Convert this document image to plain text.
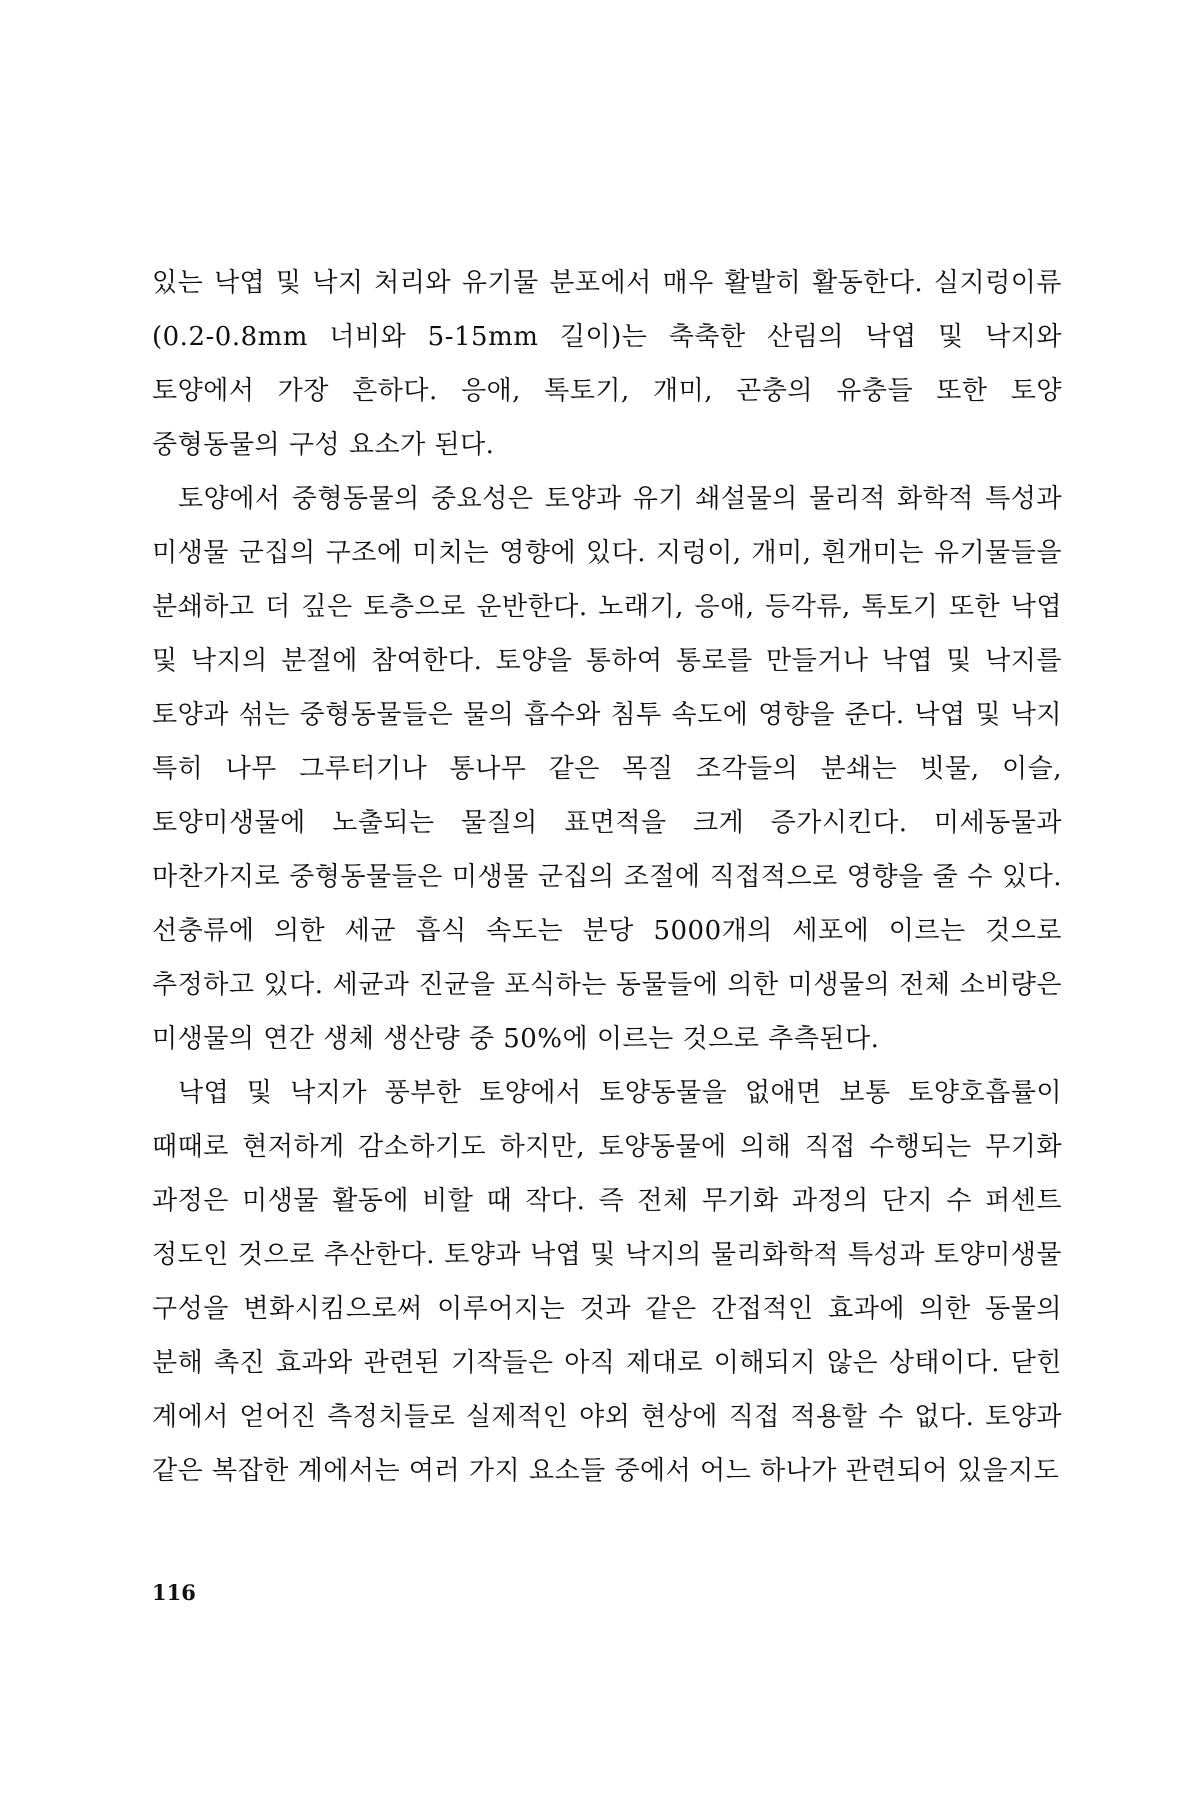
있는 낙엽 및 낙지 처리와 유기물 분포에서 매우 활발히 활동한다. 실지렁이류(0.2-0.8mm 너비와 5-15mm 길이)는 축축한 산림의 낙엽 및 낙지와 토양에서 가장 흔하다. 응애, 톡토기, 개미, 곤충의 유충들 또한 토양 중형동물의 구성 요소가 된다.

토양에서 중형동물의 중요성은 토양과 유기 쇄설물의 물리적 화학적 특성과 미생물 군집의 구조에 미치는 영향에 있다. 지렁이, 개미, 흰개미는 유기물들을 분쇄하고 더 깊은 토층으로 운반한다. 노래기, 응애, 등각류, 톡토기 또한 낙엽 및 낙지의 분절에 참여한다. 토양을 통하여 통로를 만들거나 낙엽 및 낙지를 토양과 섞는 중형동물들은 물의 흡수와 침투 속도에 영향을 준다. 낙엽 및 낙지 특히 나무 그루터기나 통나무 같은 목질 조각들의 분쇄는 빗물, 이슬, 토양미생물에 노출되는 물질의 표면적을 크게 증가시킨다. 미세동물과 마찬가지로 중형동물들은 미생물 군집의 조절에 직접적으로 영향을 줄 수 있다. 선충류에 의한 세균 흡식 속도는 분당 5000개의 세포에 이르는 것으로 추정하고 있다. 세균과 진균을 포식하는 동물들에 의한 미생물의 전체 소비량은 미생물의 연간 생체 생산량 중 50%에 이르는 것으로 추측된다.

낙엽 및 낙지가 풍부한 토양에서 토양동물을 없애면 보통 토양호흡률이 때때로 현저하게 감소하기도 하지만, 토양동물에 의해 직접 수행되는 무기화 과정은 미생물 활동에 비할 때 작다. 즉 전체 무기화 과정의 단지 수 퍼센트 정도인 것으로 추산한다. 토양과 낙엽 및 낙지의 물리화학적 특성과 토양미생물 구성을 변화시킴으로써 이루어지는 것과 같은 간접적인 효과에 의한 동물의 분해 촉진 효과와 관련된 기작들은 아직 제대로 이해되지 않은 상태이다. 닫힌 계에서 얻어진 측정치들로 실제적인 야외 현상에 직접 적용할 수 없다. 토양과 같은 복잡한 계에서는 여러 가지 요소들 중에서 어느 하나가 관련되어 있을지도

116
